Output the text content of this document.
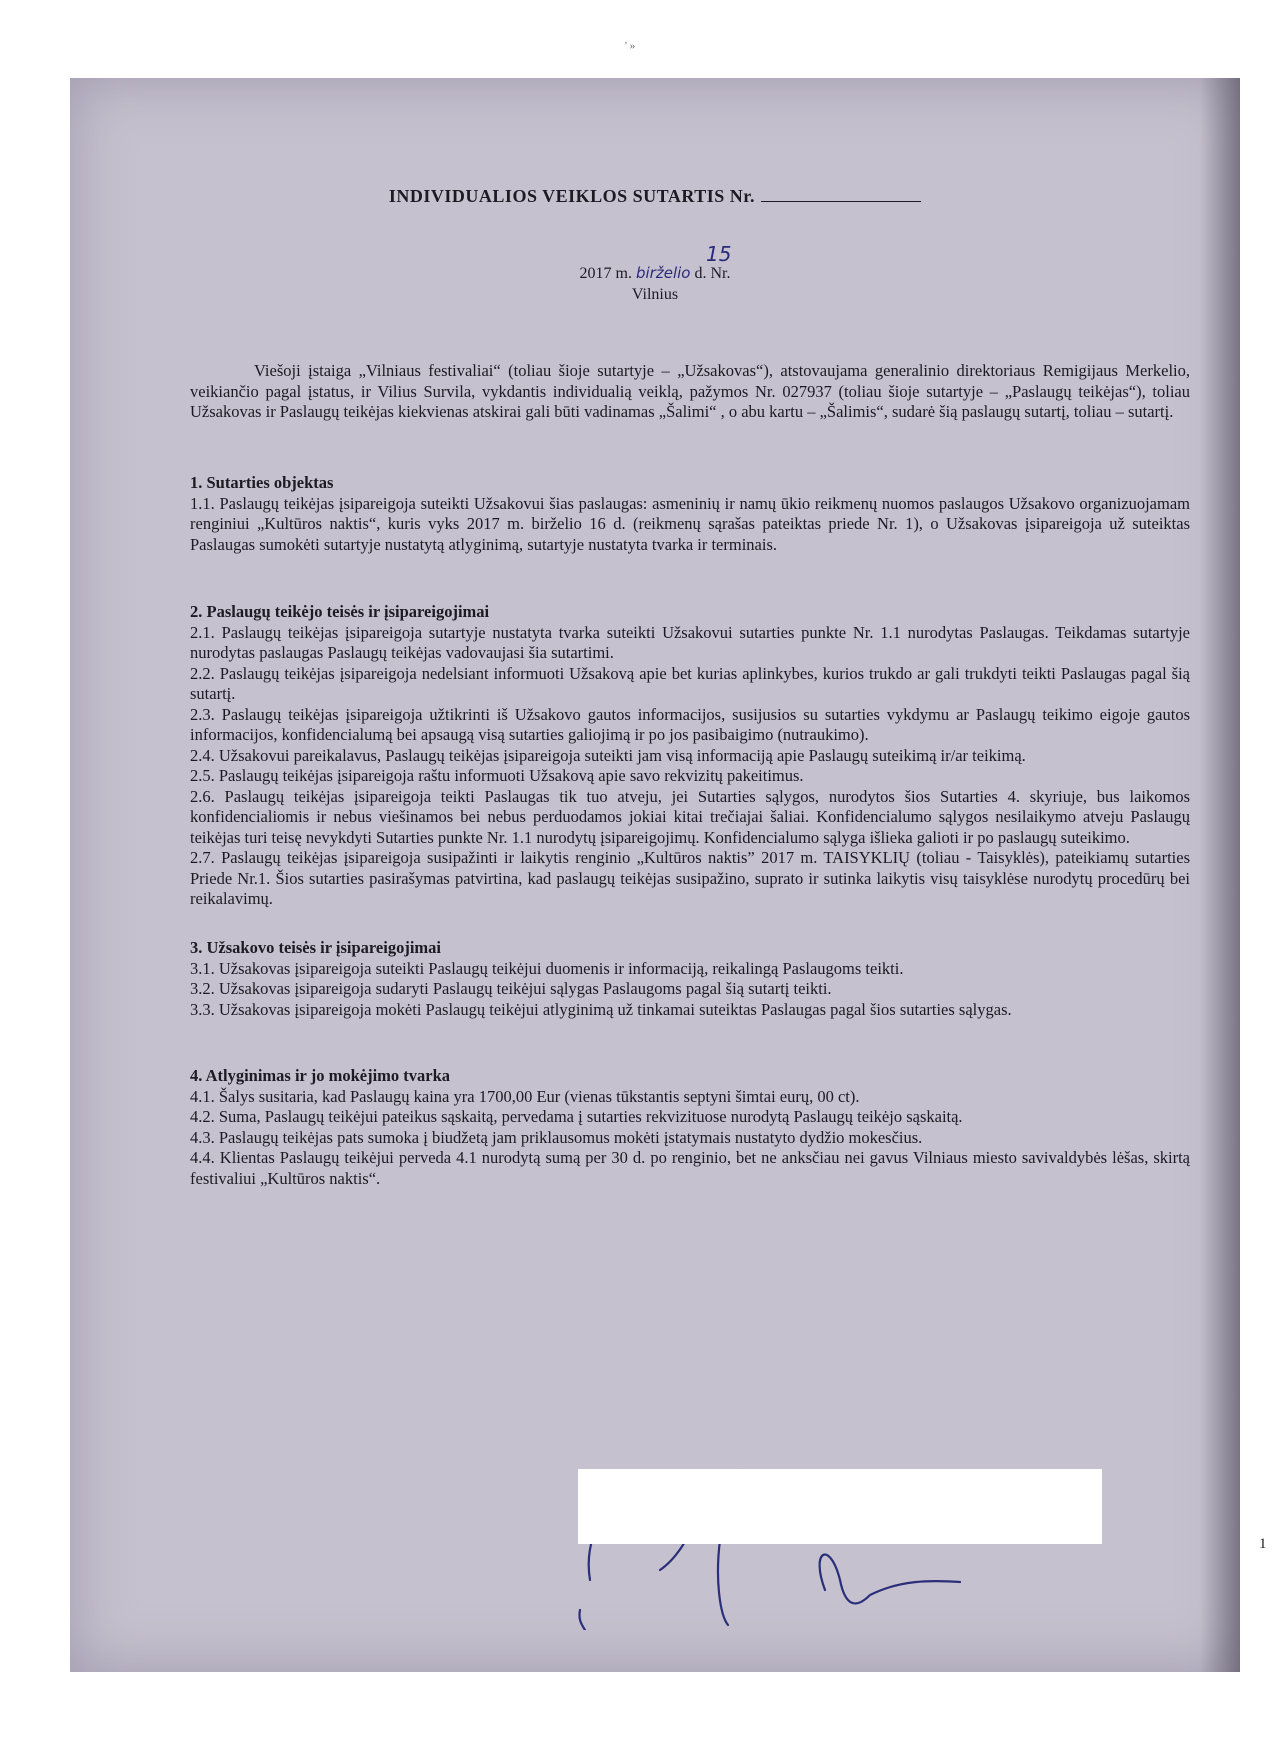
' »
INDIVIDUALIOS VEIKLOS SUTARTIS Nr.
15
2017 m. birželio d. Nr.
Vilnius

Viešoji įstaiga „Vilniaus festivaliai“ (toliau šioje sutartyje – „Užsakovas“), atstovaujama generalinio direktoriaus Remigijaus Merkelio, veikiančio pagal įstatus, ir Vilius Survila, vykdantis individualią veiklą, pažymos Nr. 027937 (toliau šioje sutartyje – „Paslaugų teikėjas“), toliau Užsakovas ir Paslaugų teikėjas kiekvienas atskirai gali būti vadinamas „Šalimi“ , o abu kartu – „Šalimis“, sudarė šią paslaugų sutartį, toliau – sutartį.

1. Sutarties objektas

1.1. Paslaugų teikėjas įsipareigoja suteikti Užsakovui šias paslaugas: asmeninių ir namų ūkio reikmenų nuomos paslaugos Užsakovo organizuojamam renginiui „Kultūros naktis“, kuris vyks 2017 m. birželio 16 d. (reikmenų sąrašas pateiktas priede Nr. 1), o Užsakovas įsipareigoja už suteiktas Paslaugas sumokėti sutartyje nustatytą atlyginimą, sutartyje nustatyta tvarka ir terminais.

2. Paslaugų teikėjo teisės ir įsipareigojimai

2.1. Paslaugų teikėjas įsipareigoja sutartyje nustatyta tvarka suteikti Užsakovui sutarties punkte Nr. 1.1 nurodytas Paslaugas. Teikdamas sutartyje nurodytas paslaugas Paslaugų teikėjas vadovaujasi šia sutartimi.

2.2. Paslaugų teikėjas įsipareigoja nedelsiant informuoti Užsakovą apie bet kurias aplinkybes, kurios trukdo ar gali trukdyti teikti Paslaugas pagal šią sutartį.

2.3. Paslaugų teikėjas įsipareigoja užtikrinti iš Užsakovo gautos informacijos, susijusios su sutarties vykdymu ar Paslaugų teikimo eigoje gautos informacijos, konfidencialumą bei apsaugą visą sutarties galiojimą ir po jos pasibaigimo (nutraukimo).

2.4. Užsakovui pareikalavus, Paslaugų teikėjas įsipareigoja suteikti jam visą informaciją apie Paslaugų suteikimą ir/ar teikimą.

2.5. Paslaugų teikėjas įsipareigoja raštu informuoti Užsakovą apie savo rekvizitų pakeitimus.

2.6. Paslaugų teikėjas įsipareigoja teikti Paslaugas tik tuo atveju, jei Sutarties sąlygos, nurodytos šios Sutarties 4. skyriuje, bus laikomos konfidencialiomis ir nebus viešinamos bei nebus perduodamos jokiai kitai trečiajai šaliai. Konfidencialumo sąlygos nesilaikymo atveju Paslaugų teikėjas turi teisę nevykdyti Sutarties punkte Nr. 1.1 nurodytų įsipareigojimų. Konfidencialumo sąlyga išlieka galioti ir po paslaugų suteikimo.

2.7. Paslaugų teikėjas įsipareigoja susipažinti ir laikytis renginio „Kultūros naktis” 2017 m. TAISYKLIŲ (toliau - Taisyklės), pateikiamų sutarties Priede Nr.1. Šios sutarties pasirašymas patvirtina, kad paslaugų teikėjas susipažino, suprato ir sutinka laikytis visų taisyklėse nurodytų procedūrų bei reikalavimų.

3. Užsakovo teisės ir įsipareigojimai

3.1. Užsakovas įsipareigoja suteikti Paslaugų teikėjui duomenis ir informaciją, reikalingą Paslaugoms teikti.

3.2. Užsakovas įsipareigoja sudaryti Paslaugų teikėjui sąlygas Paslaugoms pagal šią sutartį teikti.

3.3. Užsakovas įsipareigoja mokėti Paslaugų teikėjui atlyginimą už tinkamai suteiktas Paslaugas pagal šios sutarties sąlygas.

4. Atlyginimas ir jo mokėjimo tvarka

4.1. Šalys susitaria, kad Paslaugų kaina yra 1700,00 Eur (vienas tūkstantis septyni šimtai eurų, 00 ct).

4.2. Suma, Paslaugų teikėjui pateikus sąskaitą, pervedama į sutarties rekvizituose nurodytą Paslaugų teikėjo sąskaitą.

4.3. Paslaugų teikėjas pats sumoka į biudžetą jam priklausomus mokėti įstatymais nustatyto dydžio mokesčius.

4.4. Klientas Paslaugų teikėjui perveda 4.1 nurodytą sumą per 30 d. po renginio, bet ne anksčiau nei gavus Vilniaus miesto savivaldybės lėšas, skirtą festivaliui „Kultūros naktis“.

1
